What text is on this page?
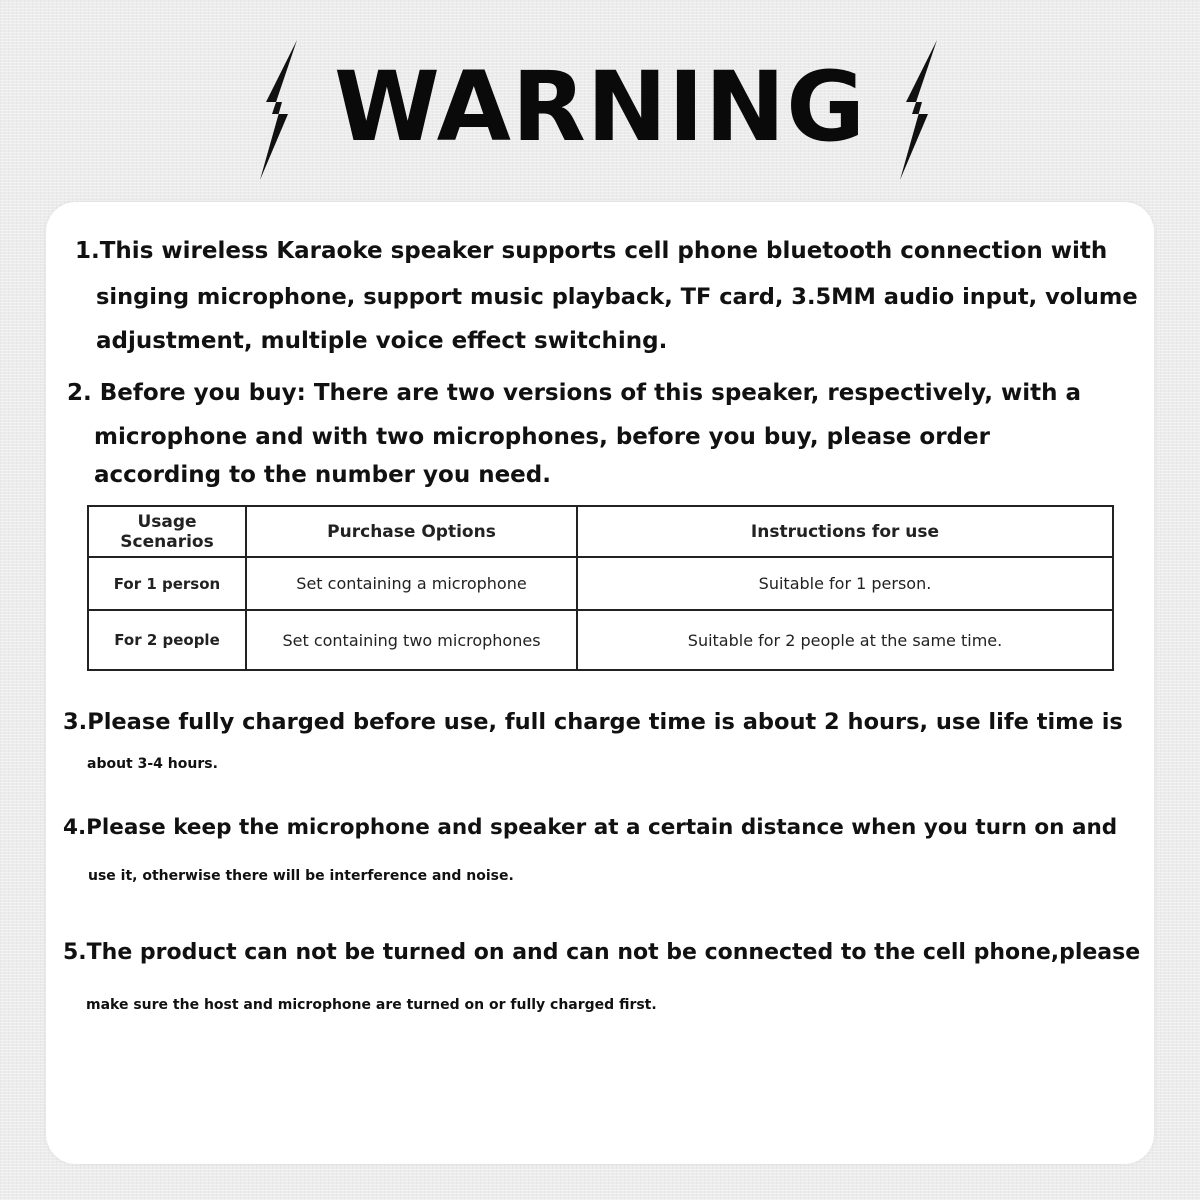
WARNING
1.This wireless Karaoke speaker supports cell phone bluetooth connection with
singing microphone, support music playback, TF card, 3.5MM audio input, volume
adjustment, multiple voice effect switching.
2. Before you buy: There are two versions of this speaker, respectively, with a
microphone and with two microphones, before you buy, please order
according to the number you need.
Usage Scenarios	Purchase Options	Instructions for use
For 1 person	Set containing a microphone	Suitable for 1 person.
For 2 people	Set containing two microphones	Suitable for 2 people at the same time.
3.Please fully charged before use, full charge time is about 2 hours, use life time is
about 3-4 hours.
4.Please keep the microphone and speaker at a certain distance when you turn on and
use it, otherwise there will be interference and noise.
5.The product can not be turned on and can not be connected to the cell phone,please
make sure the host and microphone are turned on or fully charged first.
